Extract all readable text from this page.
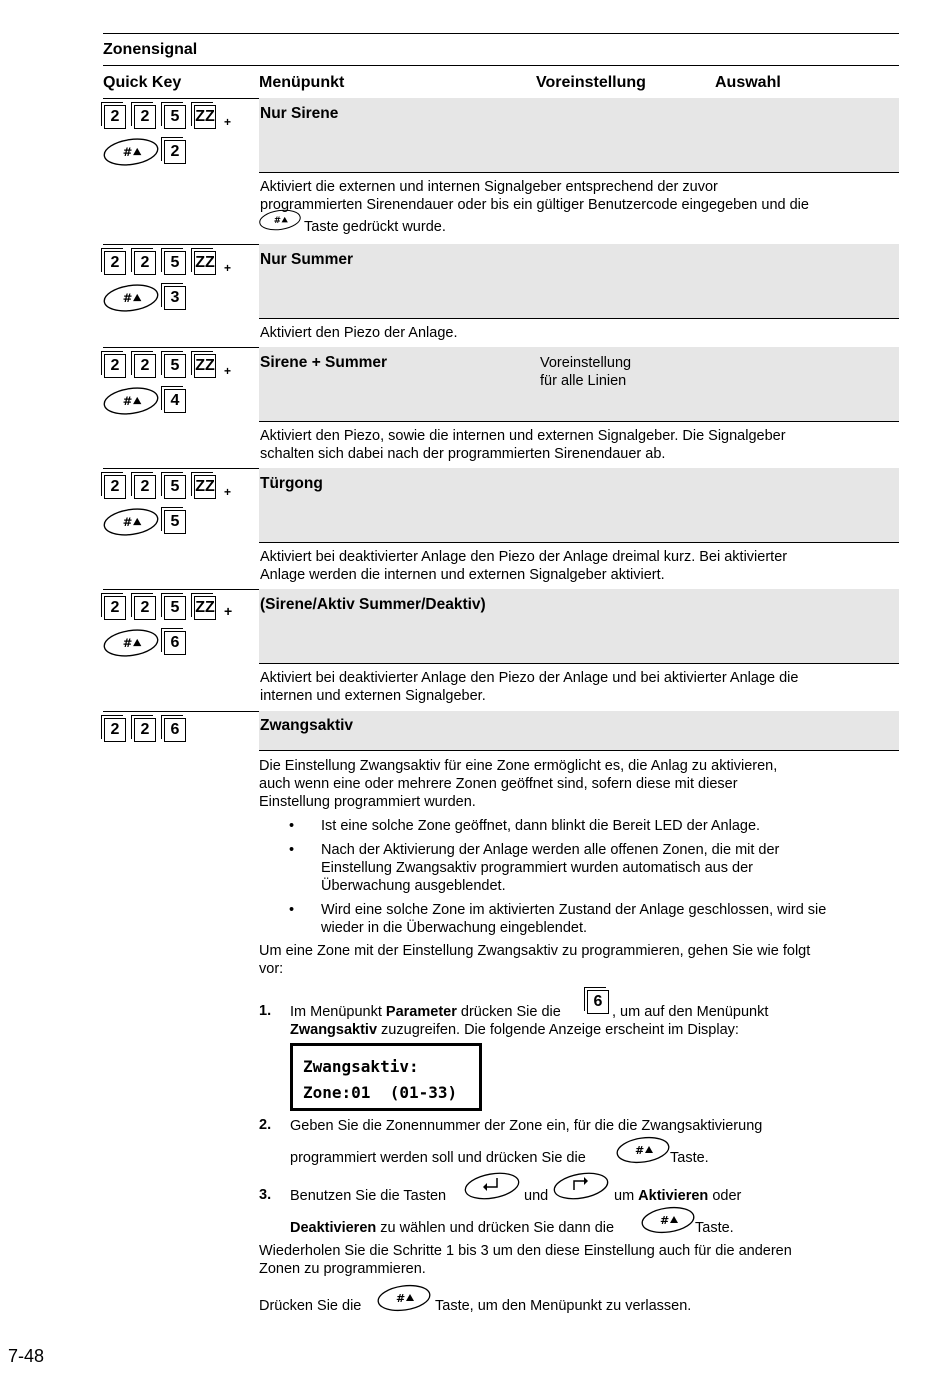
Zonensignal
Quick Key	Menüpunkt	Voreinstellung	Auswahl
2	2	5 ZZ +
#	2
Nur Sirene
Aktiviert die externen und internen Signalgeber entsprechend der zuvor
programmierten Sirenendauer oder bis ein gültiger Benutzercode eingegeben und die
# Taste gedrückt wurde.
2	2	5 ZZ +
#	3
Nur Summer
Aktiviert den Piezo der Anlage.
2	2	5 ZZ +
#	4
Sirene + Summer	Voreinstellung
für alle Linien
Aktiviert den Piezo, sowie die internen und externen Signalgeber. Die Signalgeber
schalten sich dabei nach der programmierten Sirenendauer ab.
2	2	5 ZZ +
#	5
Türgong
Aktiviert bei deaktivierter Anlage den Piezo der Anlage dreimal kurz. Bei aktivierter
Anlage werden die internen und externen Signalgeber aktiviert.
2	2	5 ZZ +
#	6
(Sirene/Aktiv Summer/Deaktiv)
Aktiviert bei deaktivierter Anlage den Piezo der Anlage und bei aktivierter Anlage die
internen und externen Signalgeber.
2	2	6	Zwangsaktiv
Die Einstellung Zwangsaktiv für eine Zone ermöglicht es, die Anlag zu aktivieren,
auch wenn eine oder mehrere Zonen geöffnet sind, sofern diese mit dieser
Einstellung programmiert wurden.
• Ist eine solche Zone geöffnet, dann blinkt die Bereit LED der Anlage.
• Nach der Aktivierung der Anlage werden alle offenen Zonen, die mit der
Einstellung Zwangsaktiv programmiert wurden automatisch aus der
Überwachung ausgeblendet.
• Wird eine solche Zone im aktivierten Zustand der Anlage geschlossen, wird sie
wieder in die Überwachung eingeblendet.
Um eine Zone mit der Einstellung Zwangsaktiv zu programmieren, gehen Sie wie folgt
vor:
1. Im Menüpunkt Parameter drücken Sie die
6
, um auf den Menüpunkt
Zwangsaktiv zuzugreifen. Die folgende Anzeige erscheint im Display:
Zwangsaktiv:
Zone:01  (01-33)
2. Geben Sie die Zonennummer der Zone ein, für die die Zwangsaktivierung
programmiert werden soll und drücken Sie die	# Taste.
3. Benutzen Sie die Tasten	und	um Aktivieren oder
Deaktivieren zu wählen und drücken Sie dann die	# Taste.
Wiederholen Sie die Schritte 1 bis 3 um den diese Einstellung auch für die anderen
Zonen zu programmieren.
Drücken Sie die	# Taste, um den Menüpunkt zu verlassen.
7-48
